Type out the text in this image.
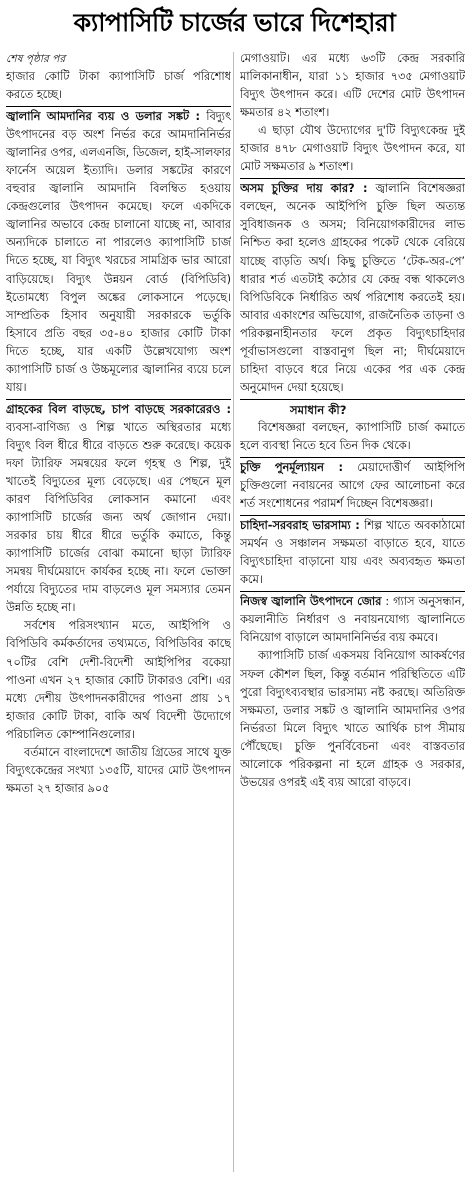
ক্যাপাসিটি চার্জের ভারে দিশেহারা
শেষ পৃষ্ঠার পর

হাজার কোটি টাকা ক্যাপাসিটি চার্জ পরিশোধ করতে হচ্ছে।

জ্বালানি আমদানির ব্যয় ও ডলার সঙ্কট : বিদ্যুৎ উৎপাদনের বড় অংশ নির্ভর করে আমদানিনির্ভর জ্বালানির ওপর, এলএনজি, ডিজেল, হাই-সালফার ফার্নেস অয়েল ইত্যাদি। ডলার সঙ্কটের কারণে বহুবার জ্বালানি আমদানি বিলম্বিত হওয়ায় কেন্দ্রগুলোর উৎপাদন কমেছে। ফলে একদিকে জ্বালানির অভাবে কেন্দ্র চালানো যাচ্ছে না, আবার অন্যদিকে চালাতে না পারলেও ক্যাপাসিটি চার্জ দিতে হচ্ছে, যা বিদ্যুৎ খরচের সামগ্রিক ভার আরো বাড়িয়েছে। বিদ্যুৎ উন্নয়ন বোর্ড (বিপিডিবি) ইতোমধ্যে বিপুল অঙ্কের লোকসানে পড়েছে। সাম্প্রতিক হিসাব অনুযায়ী সরকারকে ভর্তুকি হিসাবে প্রতি বছর ৩৫-৪০ হাজার কোটি টাকা দিতে হচ্ছে, যার একটি উল্লেখযোগ্য অংশ ক্যাপাসিটি চার্জ ও উচ্চমূল্যের জ্বালানির ব্যয়ে চলে যায়।

গ্রাহকের বিল বাড়ছে, চাপ বাড়ছে সরকারেরও : ব্যবসা-বাণিজ্য ও শিল্প খাতে অস্থিরতার মধ্যে বিদ্যুৎ বিল ধীরে ধীরে বাড়তে শুরু করেছে। কয়েক দফা ট্যারিফ সমন্বয়ের ফলে গৃহস্থ ও শিল্প, দুই খাতেই বিদ্যুতের মূল্য বেড়েছে। এর পেছনে মূল কারণ বিপিডিবির লোকসান কমানো এবং ক্যাপাসিটি চার্জের জন্য অর্থ জোগান দেয়া। সরকার চায় ধীরে ধীরে ভর্তুকি কমাতে, কিন্তু ক্যাপাসিটি চার্জের বোঝা কমানো ছাড়া ট্যারিফ সমন্বয় দীর্ঘমেয়াদে কার্যকর হচ্ছে না। ফলে ভোক্তা পর্যায়ে বিদ্যুতের দাম বাড়লেও মূল সমস্যার তেমন উন্নতি হচ্ছে না।

সর্বশেষ পরিসংখ্যান মতে, আইপিপি ও বিপিডিবি কর্মকর্তাদের তথ্যমতে, বিপিডিবির কাছে ৭০টির বেশি দেশী-বিদেশী আইপিপির বকেয়া পাওনা এখন ২৭ হাজার কোটি টাকারও বেশি। এর মধ্যে দেশীয় উৎপাদনকারীদের পাওনা প্রায় ১৭ হাজার কোটি টাকা, বাকি অর্থ বিদেশী উদ্যোগে পরিচালিত কোম্পানিগুলোর।

বর্তমানে বাংলাদেশে জাতীয় গ্রিডের সাথে যুক্ত বিদ্যুৎকেন্দ্রের সংখ্যা ১৩৫টি, যাদের মোট উৎপাদন ক্ষমতা ২৭ হাজার ৯০৫

মেগাওয়াট। এর মধ্যে ৬৩টি কেন্দ্র সরকারি মালিকানাধীন, যারা ১১ হাজার ৭৩৫ মেগাওয়াট বিদ্যুৎ উৎপাদন করে। এটি দেশের মোট উৎপাদন ক্ষমতার ৪২ শতাংশ।

এ ছাড়া যৌথ উদ্যোগের দু'টি বিদ্যুৎকেন্দ্র দুই হাজার ৪৭৮ মেগাওয়াট বিদ্যুৎ উৎপাদন করে, যা মোট সক্ষমতার ৯ শতাংশ।

অসম চুক্তির দায় কার? : জ্বালানি বিশেষজ্ঞরা বলছেন, অনেক আইপিপি চুক্তি ছিল অত্যন্ত সুবিধাজনক ও অসম; বিনিয়োগকারীদের লাভ নিশ্চিত করা হলেও গ্রাহকের পকেট থেকে বেরিয়ে যাচ্ছে বাড়তি অর্থ। কিছু চুক্তিতে ‘টেক-অর-পে’ ধারার শর্ত এতটাই কঠোর যে কেন্দ্র বন্ধ থাকলেও বিপিডিবিকে নির্ধারিত অর্থ পরিশোধ করতেই হয়। আবার একাংশের অভিযোগ, রাজনৈতিক তাড়না ও পরিকল্পনাহীনতার ফলে প্রকৃত বিদ্যুৎচাহিদার পূর্বাভাসগুলো বাস্তবানুগ ছিল না; দীর্ঘমেয়াদে চাহিদা বাড়বে ধরে নিয়ে একের পর এক কেন্দ্র অনুমোদন দেয়া হয়েছে।

সমাধান কী?

বিশেষজ্ঞরা বলছেন, ক্যাপাসিটি চার্জ কমাতে হলে ব্যবস্থা নিতে হবে তিন দিক থেকে।

চুক্তি পুনর্মূল্যায়ন : মেয়াদোত্তীর্ণ আইপিপি চুক্তিগুলো নবায়নের আগে ফের আলোচনা করে শর্ত সংশোধনের পরামর্শ দিচ্ছেন বিশেষজ্ঞরা।

চাহিদা-সরবরাহ ভারসাম্য : শিল্প খাতে অবকাঠামো সমর্থন ও সঞ্চালন সক্ষমতা বাড়াতে হবে, যাতে বিদ্যুৎচাহিদা বাড়ানো যায় এবং অব্যবহৃত ক্ষমতা কমে।

নিজস্ব জ্বালানি উৎপাদনে জোর : গ্যাস অনুসন্ধান, কয়লানীতি নির্ধারণ ও নবায়নযোগ্য জ্বালানিতে বিনিয়োগ বাড়ালে আমদানিনির্ভর ব্যয় কমবে।

ক্যাপাসিটি চার্জ একসময় বিনিয়োগ আকর্ষণের সফল কৌশল ছিল, কিন্তু বর্তমান পরিস্থিতিতে এটি পুরো বিদ্যুৎব্যবস্থার ভারসাম্য নষ্ট করছে। অতিরিক্ত সক্ষমতা, ডলার সঙ্কট ও জ্বালানি আমদানির ওপর নির্ভরতা মিলে বিদ্যুৎ খাতে আর্থিক চাপ সীমায় পৌঁছেছে। চুক্তি পুনর্বিবেচনা এবং বাস্তবতার আলোকে পরিকল্পনা না হলে গ্রাহক ও সরকার, উভয়ের ওপরই এই ব্যয় আরো বাড়বে।
